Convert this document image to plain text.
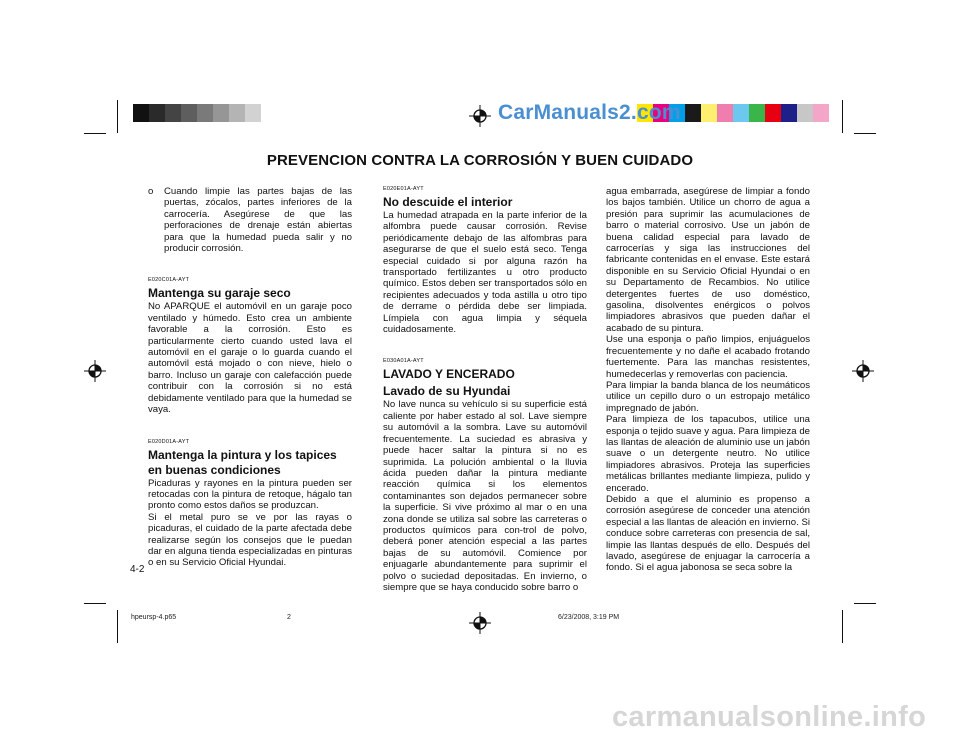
CarManuals2.com
PREVENCION CONTRA LA CORROSIÓN Y BUEN CUIDADO
o	Cuando limpie las partes bajas de las puertas, zócalos, partes inferiores de la carrocería. Asegúrese de que las perforaciones de drenaje están abiertas para que la humedad pueda salir y no producir corrosión.

E020C01A-AYT
Mantenga su garaje seco

No APARQUE el automóvil en un garaje poco ventilado y húmedo. Esto crea un ambiente favorable a la corrosión. Esto es particularmente cierto cuando usted lava el automóvil en el garaje o lo guarda cuando el automóvil está mojado o con nieve, hielo o barro. Incluso un garaje con calefacción puede contribuir con la corrosión si no está debidamente ventilado para que la humedad se vaya.

E020D01A-AYT
Mantenga la pintura y los tapices en buenas condiciones

Picaduras y rayones en la pintura pueden ser retocadas con la pintura de retoque, hágalo tan pronto como estos daños se produzcan.

Si el metal puro se ve por las rayas o picaduras, el cuidado de la parte afectada debe realizarse según los consejos que le puedan dar en alguna tienda especializadas en pinturas o en su Servicio Oficial Hyundai.

E020E01A-AYT
No descuide el interior

La humedad atrapada en la parte inferior de la alfombra puede causar corrosión. Revise periódicamente debajo de las alfombras para asegurarse de que el suelo está seco. Tenga especial cuidado si por alguna razón ha transportado fertilizantes u otro producto químico. Estos deben ser transportados sólo en recipientes adecuados y toda astilla u otro tipo de derrame o pérdida debe ser limpiada. Límpiela con agua limpia y séquela cuidadosamente.

E030A01A-AYT
LAVADO Y ENCERADO
Lavado de su Hyundai

No lave nunca su vehículo si su superficie está caliente por haber estado al sol. Lave siempre su automóvil a la sombra. Lave su automóvil frecuentemente. La suciedad es abrasiva y puede hacer saltar la pintura si no es suprimida. La polución ambiental o la lluvia ácida pueden dañar la pintura mediante reacción química si los elementos contaminantes son dejados permanecer sobre la superficie. Si vive próximo al mar o en una zona donde se utiliza sal sobre las carreteras o productos químicos para con-trol de polvo, deberá poner atención especial a las partes bajas de su automóvil. Comience por enjuagarle abundantemente para suprimir el polvo o suciedad depositadas. En invierno, o siempre que se haya conducido sobre barro o

agua embarrada, asegúrese de limpiar a fondo los bajos también. Utilice un chorro de agua a presión para suprimir las acumulaciones de barro o material corrosivo. Use un jabón de buena calidad especial para lavado de carrocerías y siga las instrucciones del fabricante contenidas en el envase. Este estará disponible en su Servicio Oficial Hyundai o en su Departamento de Recambios. No utilice detergentes fuertes de uso doméstico, gasolina, disolventes enérgicos o polvos limpiadores abrasivos que pueden dañar el acabado de su pintura.

Use una esponja o paño limpios, enjuáguelos frecuentemente y no dañe el acabado frotando fuertemente. Para las manchas resistentes, humedecerlas y removerlas con paciencia.

Para limpiar la banda blanca de los neumáticos utilice un cepillo duro o un estropajo metálico impregnado de jabón.

Para limpieza de los tapacubos, utilice una esponja o tejido suave y agua. Para limpieza de las llantas de aleación de aluminio use un jabón suave o un detergente neutro. No utilice limpiadores abrasivos. Proteja las superficies metálicas brillantes mediante limpieza, pulido y encerado.

Debido a que el aluminio es propenso a corrosión asegúrese de conceder una atención especial a las llantas de aleación en invierno. Si conduce sobre carreteras con presencia de sal, limpie las llantas después de ello. Después del lavado, asegúrese de enjuagar la carrocería a fondo. Si el agua jabonosa se seca sobre la

4-2
hpeursp-4.p65	2	6/23/2008, 3:19 PM
carmanualsonline.info
